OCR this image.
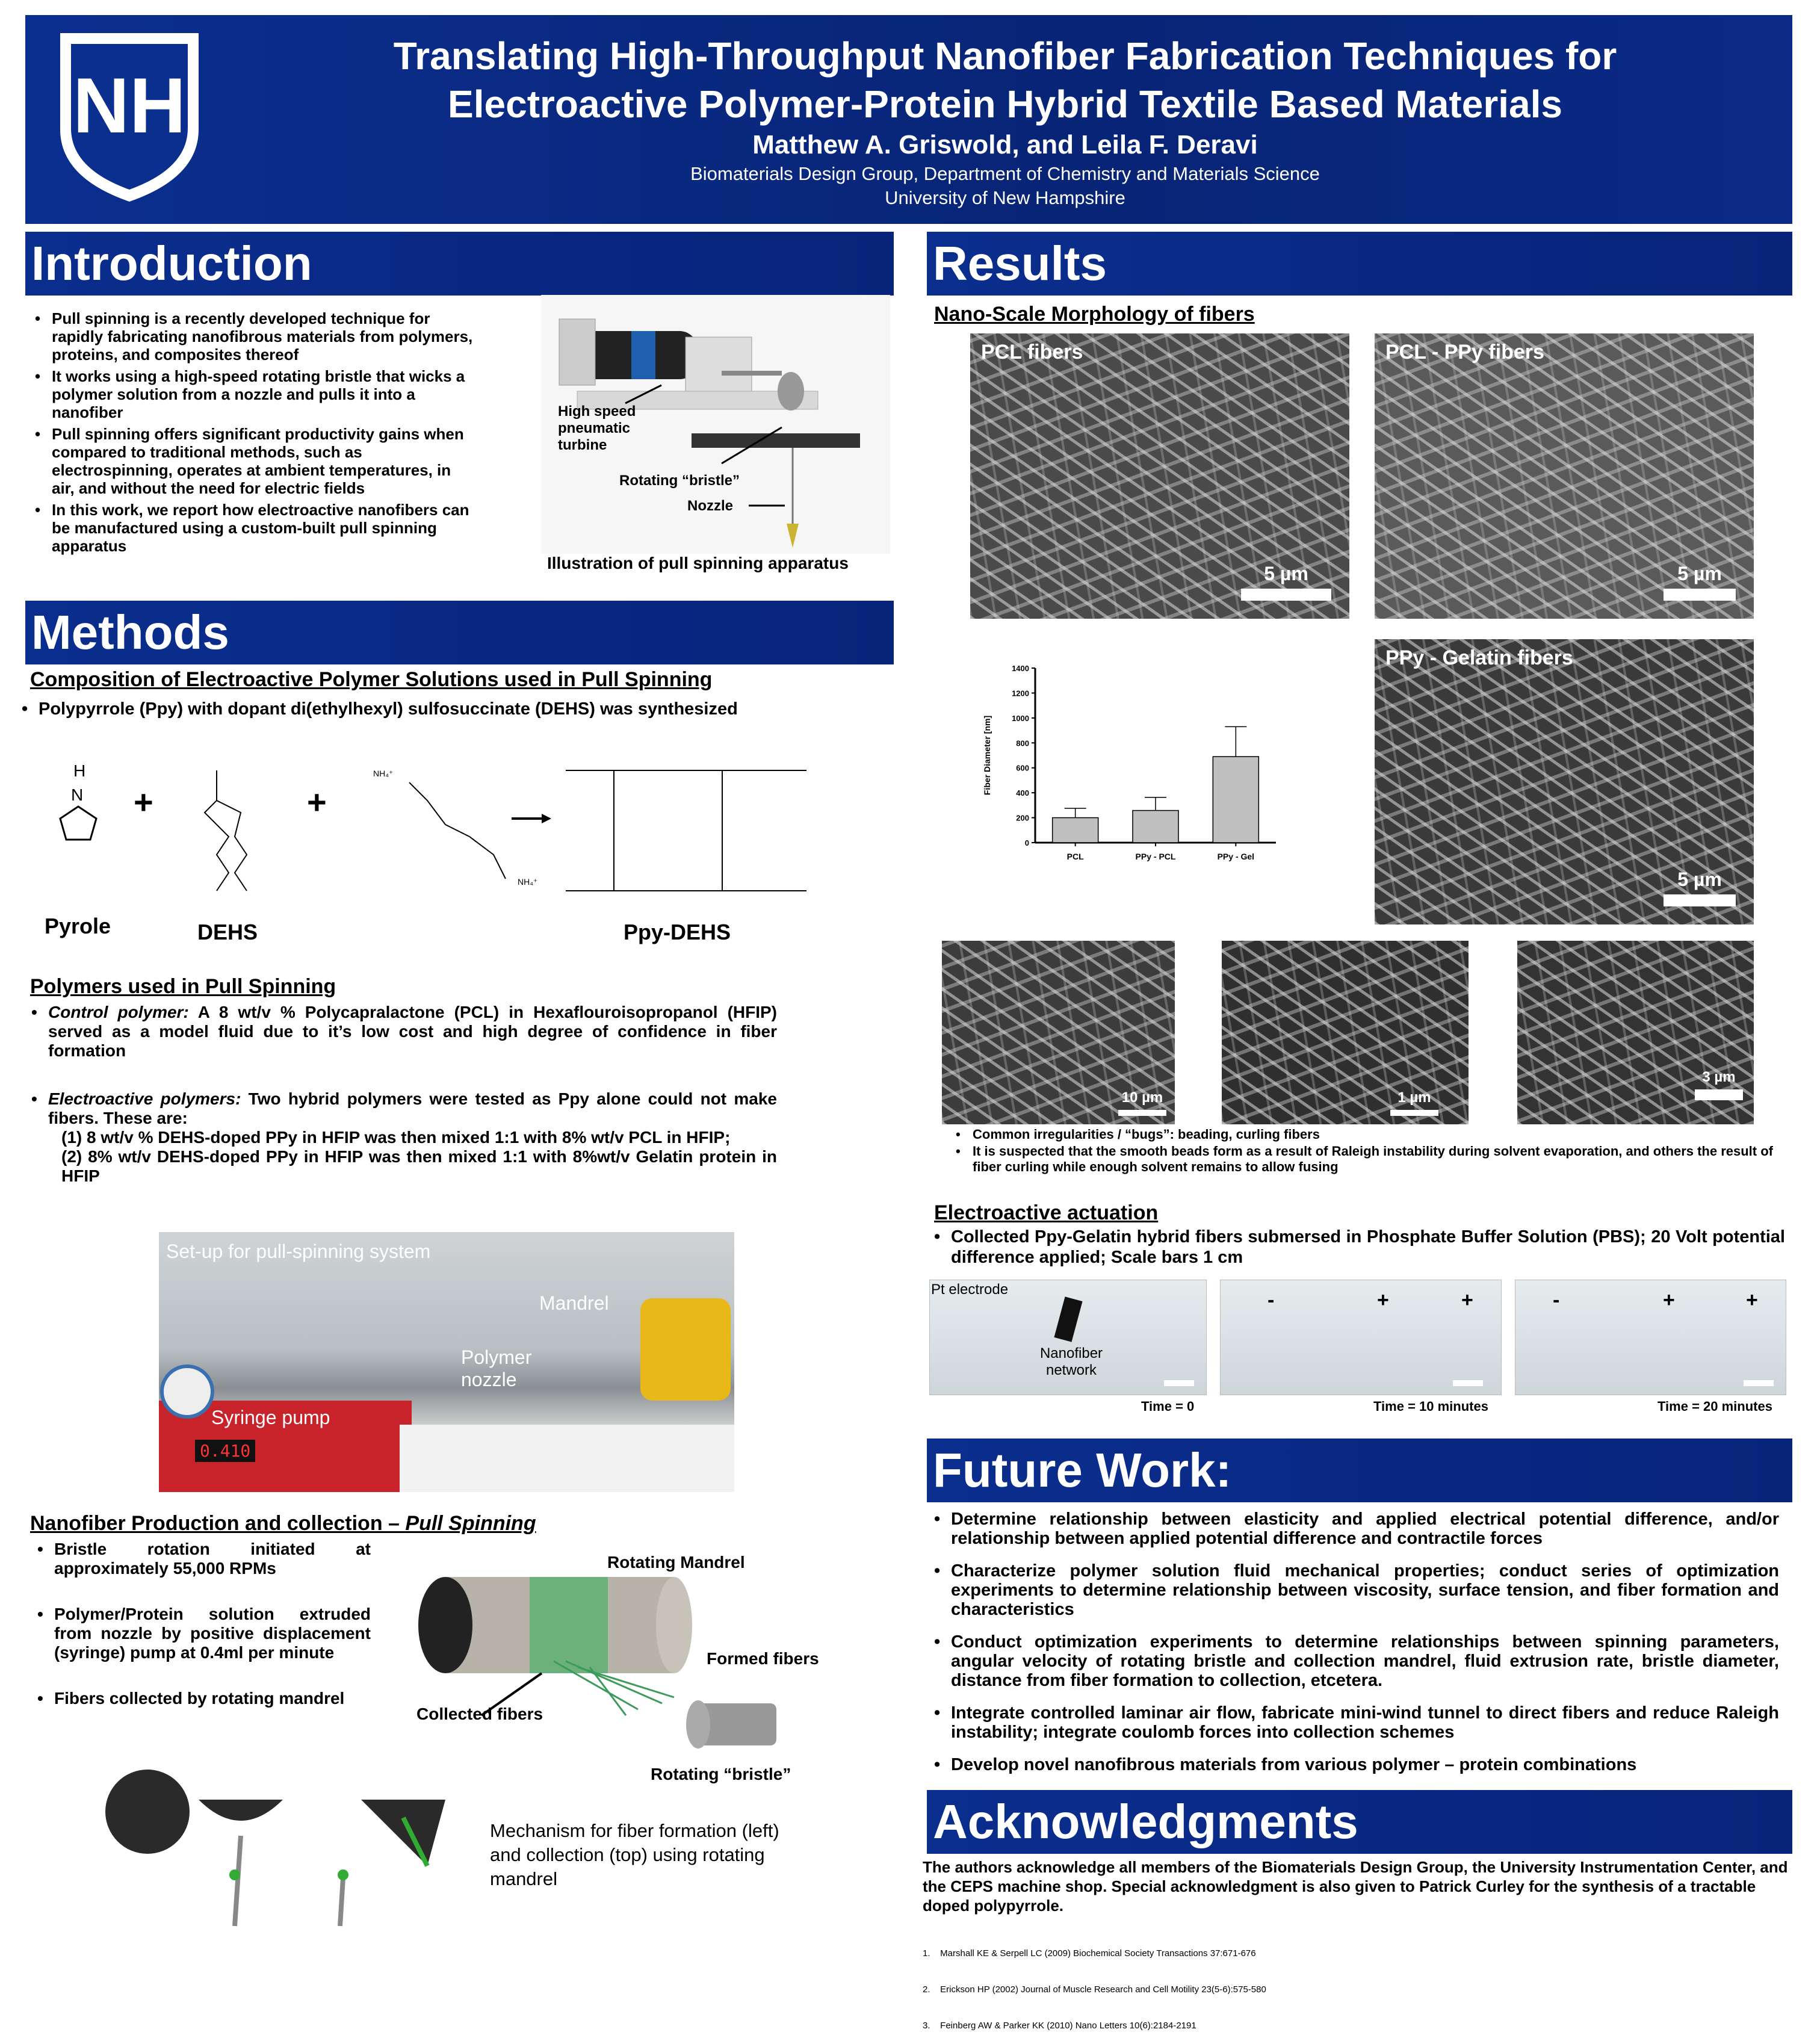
NH
Translating High-Throughput Nanofiber Fabrication Techniques for
Electroactive Polymer-Protein Hybrid Textile Based Materials
Matthew A. Griswold, and Leila F. Deravi
Biomaterials Design Group, Department of Chemistry and Materials Science
University of New Hampshire
Introduction
• Pull spinning is a recently developed technique for rapidly fabricating nanofibrous materials from polymers, proteins, and composites thereof
• It works using a high-speed rotating bristle that wicks a polymer solution from a nozzle and pulls it into a nanofiber
• Pull spinning offers significant productivity gains when compared to traditional methods, such as electrospinning, operates at ambient temperatures, in air, and without the need for electric fields
• In this work, we report how electroactive nanofibers can be manufactured using a custom-built pull spinning apparatus
High speed pneumatic turbine
Rotating “bristle”
Nozzle
Illustration of pull spinning apparatus
Methods
Composition of Electroactive Polymer Solutions used in Pull Spinning
• Polypyrrole (Ppy) with dopant di(ethylhexyl) sulfosuccinate (DEHS) was synthesized
H
N
NH₄⁺
NH₄⁺
+	+
Pyrole	DEHS	Ppy-DEHS
Polymers used in Pull Spinning
• Control polymer: A 8 wt/v % Polycapralactone (PCL) in Hexaflouroisopropanol (HFIP) served as a model fluid due to it’s low cost and high degree of confidence in fiber formation
• Electroactive polymers: Two hybrid polymers were tested as Ppy alone could not make fibers. These are:
(1) 8 wt/v % DEHS-doped PPy in HFIP was then mixed 1:1 with 8% wt/v PCL in HFIP;
(2) 8% wt/v DEHS-doped PPy in HFIP was then mixed 1:1 with 8%wt/v Gelatin protein in HFIP
0.410
Set-up for pull-spinning system
Mandrel
Polymer nozzle
Syringe pump
Nanofiber Production and collection – Pull Spinning
• Bristle rotation initiated at approximately 55,000 RPMs
• Polymer/Protein solution extruded from nozzle by positive displacement (syringe) pump at 0.4ml per minute
• Fibers collected by rotating mandrel
Rotating Mandrel
Formed fibers
Collected fibers
Rotating “bristle”
Mechanism for fiber formation (left) and collection (top) using rotating mandrel
Results
Nano-Scale Morphology of fibers
PCL fibers
5 µm
PCL - PPy fibers
5 µm
PPy - Gelatin fibers
5 µm
0
200
400
600
800
1000
1200
1400
Fiber Diameter [nm]
PCL	PPy - PCL	PPy - Gel
10 µm	1 µm
3 µm
• Common irregularities / “bugs”: beading, curling fibers
• It is suspected that the smooth beads form as a result of Raleigh instability during solvent evaporation, and others the result of fiber curling while enough solvent remains to allow fusing
Electroactive actuation
• Collected Ppy-Gelatin hybrid fibers submersed in Phosphate Buffer Solution (PBS); 20 Volt potential difference applied; Scale bars 1 cm
Pt electrode
Nanofiber network
-	+	+	-	+	+
Time = 0	Time = 10 minutes	Time = 20 minutes
Future Work:
• Determine relationship between elasticity and applied electrical potential difference, and/or relationship between applied potential difference and contractile forces
• Characterize polymer solution fluid mechanical properties; conduct series of optimization experiments to determine relationship between viscosity, surface tension, and fiber formation and characteristics
• Conduct optimization experiments to determine relationships between spinning parameters, angular velocity of rotating bristle and collection mandrel, fluid extrusion rate, bristle diameter, distance from fiber formation to collection, etcetera.
• Integrate controlled laminar air flow, fabricate mini-wind tunnel to direct fibers and reduce Raleigh instability; integrate coulomb forces into collection schemes
• Develop novel nanofibrous materials from various polymer – protein combinations
Acknowledgments
The authors acknowledge all members of the Biomaterials Design Group, the University Instrumentation Center, and the CEPS machine shop. Special acknowledgment is also given to Patrick Curley for the synthesis of a tractable doped polypyrrole.

1.    Marshall KE & Serpell LC (2009) Biochemical Society Transactions 37:671-676

2.    Erickson HP (2002) Journal of Muscle Research and Cell Motility 23(5-6):575-580

3.    Feinberg AW & Parker KK (2010) Nano Letters 10(6):2184-2191
